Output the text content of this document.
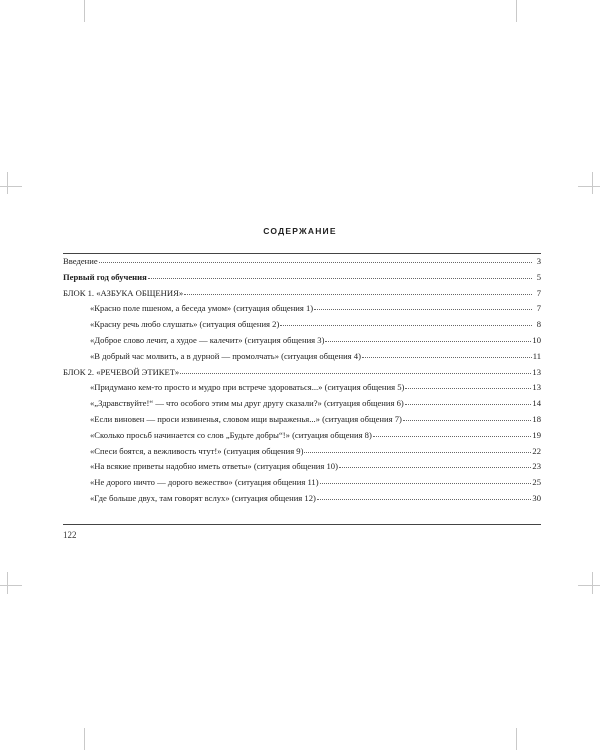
СОДЕРЖАНИЕ
Введение	3
Первый год обучения	5
БЛОК 1. «АЗБУКА ОБЩЕНИЯ»	7
«Красно поле пшеном, а беседа умом» (ситуация общения 1)	7
«Красну речь любо слушать» (ситуация общения 2)	8
«Доброе слово лечит, а худое — калечит» (ситуация общения 3)	10
«В добрый час молвить, а в дурной — промолчать» (ситуация общения 4)	11
БЛОК 2. «РЕЧЕВОЙ ЭТИКЕТ»	13
«Придумано кем-то просто и мудро при встрече здороваться...» (ситуация общения 5)	13
«„Здравствуйте!“ — что особого этим мы друг другу сказали?» (ситуация общения 6)	14
«Если виновен — проси извиненья, словом ищи выраженья...» (ситуация общения 7)	18
«Сколько просьб начинается со слов „Будьте добры“!» (ситуация общения 8)	19
«Спеси боятся, а вежливость чтут!» (ситуация общения 9)	22
«На всякие приветы надобно иметь ответы» (ситуация общения 10)	23
«Не дорого ничто — дорого вежество» (ситуация общения 11)	25
«Где больше двух, там говорят вслух» (ситуация общения 12)	30
122
